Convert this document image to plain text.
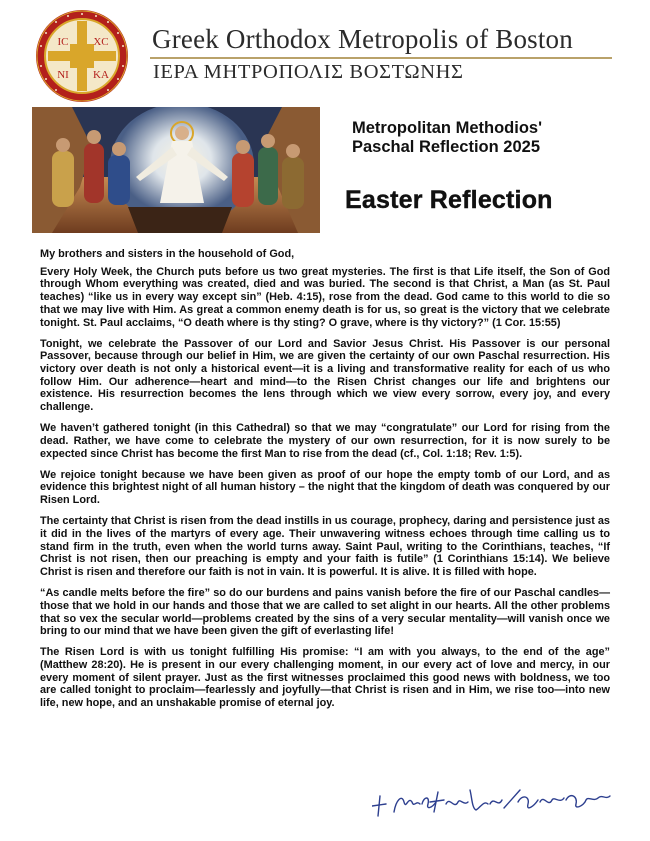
IC XC
NI KA
Greek Orthodox Metropolis of Boston
ΙΕΡΑ ΜΗΤΡΟΠΟΛΙΣ ΒΟΣΤΩΝΗΣ
Metropolitan Methodios'
Paschal Reflection 2025
Easter Reflection

My brothers and sisters in the household of God,

Every Holy Week, the Church puts before us two great mysteries. The first is that Life itself, the Son of God through Whom everything was created, died and was buried. The second is that Christ, a Man (as St. Paul teaches) “like us in every way except sin” (Heb. 4:15), rose from the dead. God came to this world to die so that we may live with Him. As great a common enemy death is for us, so great is the victory that we celebrate tonight. St. Paul acclaims, “O death where is thy sting? O grave, where is thy victory?” (1 Cor. 15:55)

Tonight, we celebrate the Passover of our Lord and Savior Jesus Christ. His Passover is our personal Passover, because through our belief in Him, we are given the certainty of our own Paschal resurrection. His victory over death is not only a historical event—it is a living and transformative reality for each of us who follow Him. Our adherence—heart and mind—to the Risen Christ changes our life and brightens our existence. His resurrection becomes the lens through which we view every sorrow, every joy, and every challenge.

We haven’t gathered tonight (in this Cathedral) so that we may “congratulate” our Lord for rising from the dead. Rather, we have come to celebrate the mystery of our own resurrection, for it is now surely to be expected since Christ has become the first Man to rise from the dead (cf., Col. 1:18; Rev. 1:5).

We rejoice tonight because we have been given as proof of our hope the empty tomb of our Lord, and as evidence this brightest night of all human history – the night that the kingdom of death was conquered by our Risen Lord.

The certainty that Christ is risen from the dead instills in us courage, prophecy, daring and persistence just as it did in the lives of the martyrs of every age. Their unwavering witness echoes through time calling us to stand firm in the truth, even when the world turns away. Saint Paul, writing to the Corinthians, teaches, “If Christ is not risen, then our preaching is empty and your faith is futile” (1 Corinthians 15:14). We believe Christ is risen and therefore our faith is not in vain. It is powerful. It is alive. It is filled with hope.

“As candle melts before the fire” so do our burdens and pains vanish before the fire of our Paschal candles—those that we hold in our hands and those that we are called to set alight in our hearts. All the other problems that so vex the secular world—problems created by the sins of a very secular mentality—will vanish once we bring to our mind that we have been given the gift of everlasting life!

The Risen Lord is with us tonight fulfilling His promise: “I am with you always, to the end of the age” (Matthew 28:20). He is present in our every challenging moment, in our every act of love and mercy, in our every moment of silent prayer. Just as the first witnesses proclaimed this good news with boldness, we too are called tonight to proclaim—fearlessly and joyfully—that Christ is risen and in Him, we rise too—into new life, new hope, and an unshakable promise of eternal joy.
